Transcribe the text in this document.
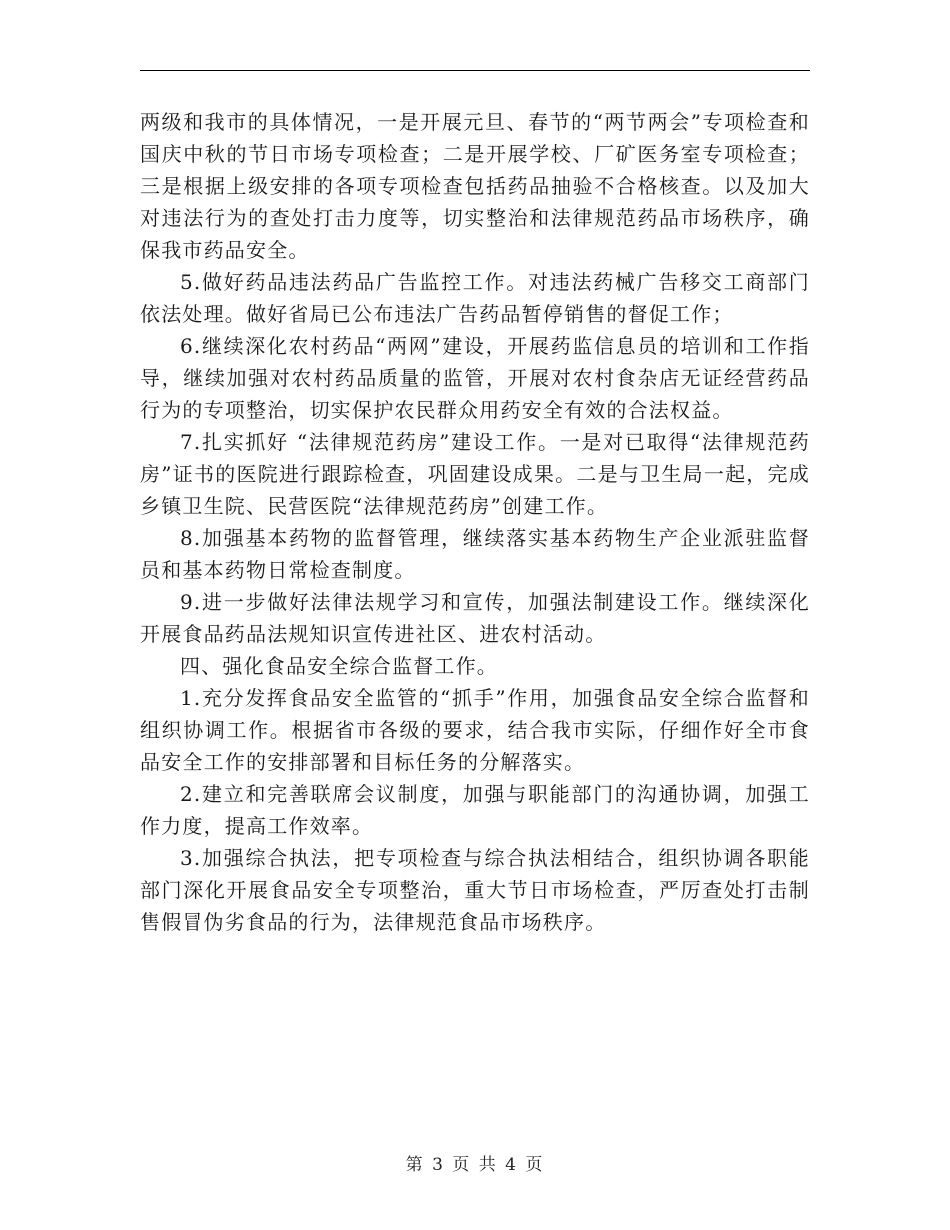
两级和我市的具体情况，一是开展元旦、春节的“两节两会”专项检查和国庆中秋的节日市场专项检查；二是开展学校、厂矿医务室专项检查；三是根据上级安排的各项专项检查包括药品抽验不合格核查。以及加大对违法行为的查处打击力度等，切实整治和法律规范药品市场秩序，确保我市药品安全。

5.做好药品违法药品广告监控工作。对违法药械广告移交工商部门依法处理。做好省局已公布违法广告药品暂停销售的督促工作；

6.继续深化农村药品“两网”建设，开展药监信息员的培训和工作指导，继续加强对农村药品质量的监管，开展对农村食杂店无证经营药品行为的专项整治，切实保护农民群众用药安全有效的合法权益。

7.扎实抓好 “法律规范药房”建设工作。一是对已取得“法律规范药房”证书的医院进行跟踪检查，巩固建设成果。二是与卫生局一起，完成乡镇卫生院、民营医院“法律规范药房”创建工作。

8.加强基本药物的监督管理，继续落实基本药物生产企业派驻监督员和基本药物日常检查制度。

9.进一步做好法律法规学习和宣传，加强法制建设工作。继续深化开展食品药品法规知识宣传进社区、进农村活动。

四、强化食品安全综合监督工作。

1.充分发挥食品安全监管的“抓手”作用，加强食品安全综合监督和组织协调工作。根据省市各级的要求，结合我市实际，仔细作好全市食品安全工作的安排部署和目标任务的分解落实。

2.建立和完善联席会议制度，加强与职能部门的沟通协调，加强工作力度，提高工作效率。

3.加强综合执法，把专项检查与综合执法相结合，组织协调各职能部门深化开展食品安全专项整治，重大节日市场检查，严厉查处打击制售假冒伪劣食品的行为，法律规范食品市场秩序。

第 3 页 共 4 页
